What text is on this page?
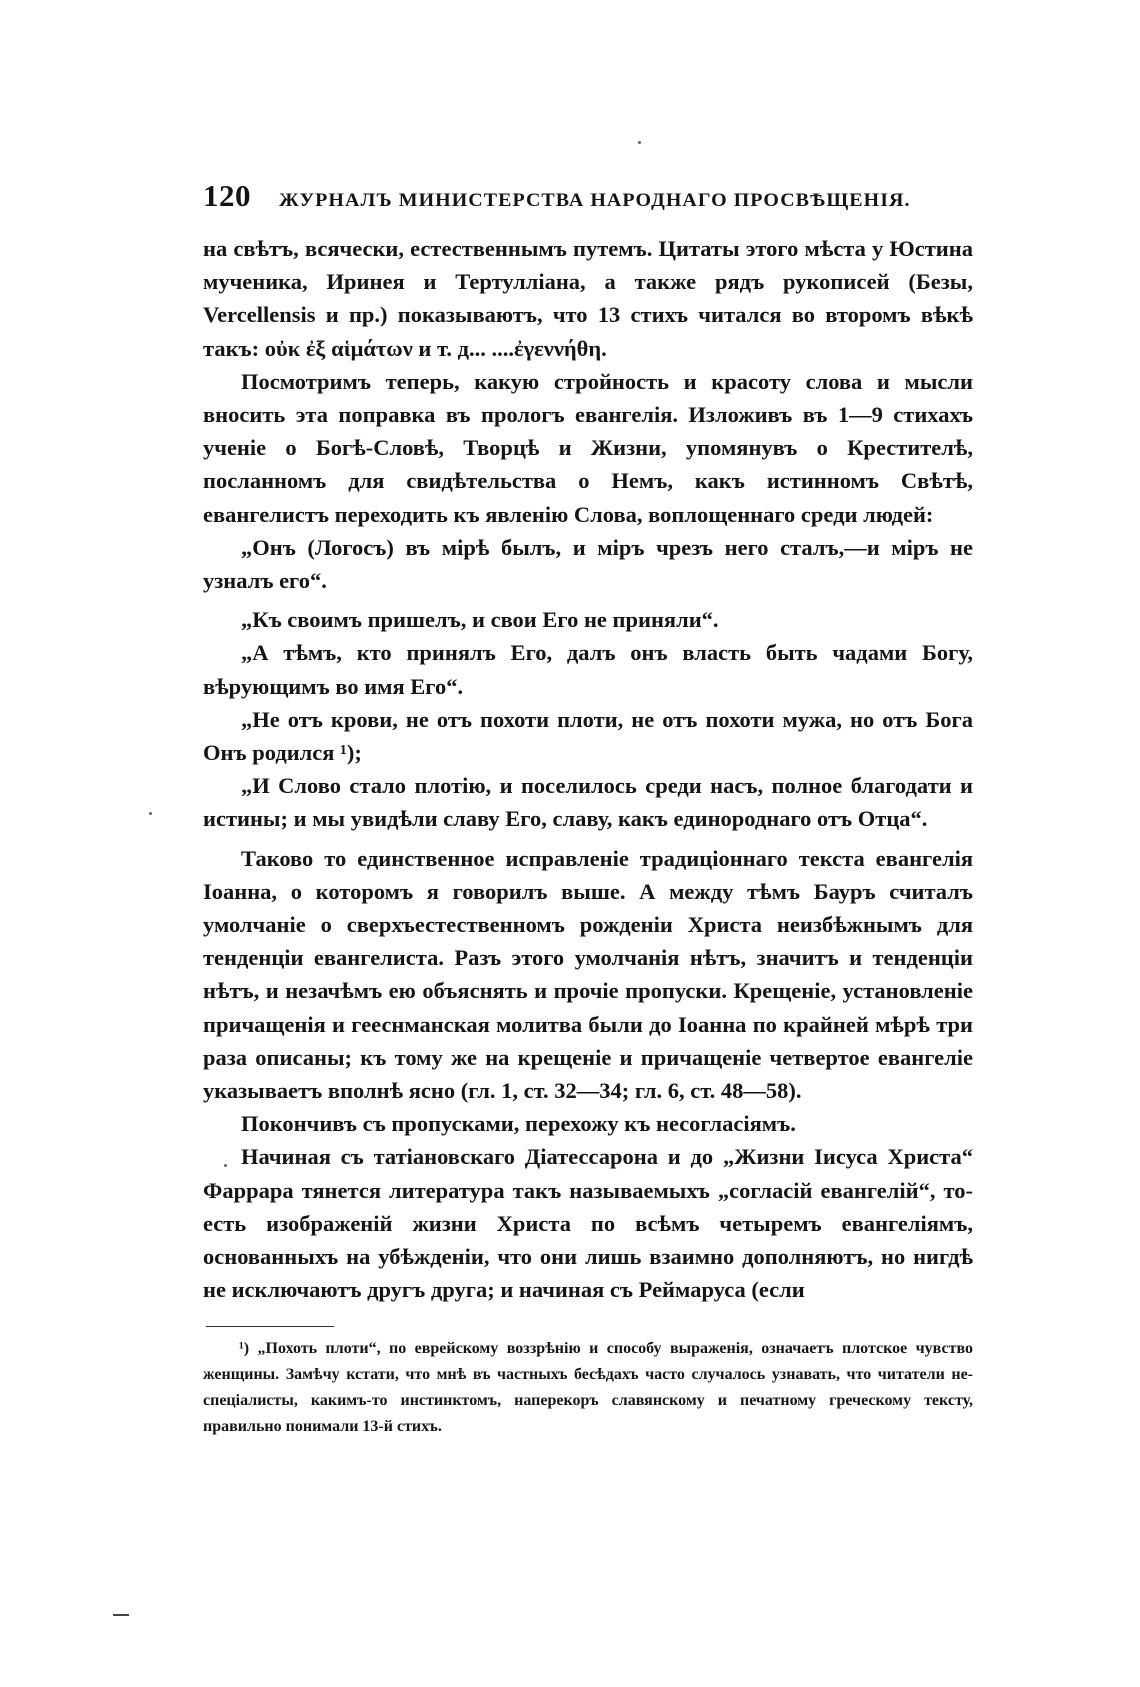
120 ЖУРНАЛЪ МИНИСТЕРСТВА НАРОДНАГО ПРОСВѢЩЕНІЯ.

на свѣтъ, всячески, естественнымъ путемъ. Цитаты этого мѣста у Юстина мученика, Иринея и Тертулліана, а также рядъ рукописей (Безы, Vercellensis и пр.) показываютъ, что 13 стихъ читался во второмъ вѣкѣ такъ: οὐκ ἐξ αἱμάτων и т. д... ....ἐγεννήθη.

Посмотримъ теперь, какую стройность и красоту слова и мысли вносить эта поправка въ прологъ евангелія. Изложивъ въ 1—9 стихахъ ученіе о Богѣ-Словѣ, Творцѣ и Жизни, упомянувъ о Крестителѣ, посланномъ для свидѣтельства о Немъ, какъ истинномъ Свѣтѣ, евангелистъ переходить къ явленію Слова, воплощеннаго среди людей:

„Онъ (Логосъ) въ мірѣ былъ, и міръ чрезъ него сталъ,—и міръ не узналъ его“.

„Къ своимъ пришелъ, и свои Его не приняли“.

„А тѣмъ, кто принялъ Его, далъ онъ власть быть чадами Богу, вѣрующимъ во имя Его“.

„Не отъ крови, не отъ похоти плоти, не отъ похоти мужа, но отъ Бога Онъ родился ¹);

„И Слово стало плотію, и поселилось среди насъ, полное благодати и истины; и мы увидѣли славу Его, славу, какъ единороднаго отъ Отца“.

Таково то единственное исправленіе традиціоннаго текста евангелія Іоанна, о которомъ я говорилъ выше. А между тѣмъ Бауръ считалъ умолчаніе о сверхъестественномъ рожденіи Христа неизбѣжнымъ для тенденціи евангелиста. Разъ этого умолчанія нѣтъ, значитъ и тенденціи нѣтъ, и незачѣмъ ею объяснять и прочіе пропуски. Крещеніе, установленіе причащенія и гееснманская молитва были до Іоанна по крайней мѣрѣ три раза описаны; къ тому же на крещеніе и причащеніе четвертое евангеліе указываетъ вполнѣ ясно (гл. 1, ст. 32—34; гл. 6, ст. 48—58).

Покончивъ съ пропусками, перехожу къ несогласіямъ.

Начиная съ татіановскаго Діатессарона и до „Жизни Іисуса Христа“ Фаррара тянется литература такъ называемыхъ „согласій евангелій“, то-есть изображеній жизни Христа по всѣмъ четыремъ евангеліямъ, основанныхъ на убѣжденіи, что они лишь взаимно дополняютъ, но нигдѣ не исключаютъ другъ друга; и начиная съ Реймаруса (если

¹) „Похоть плоти“, по еврейскому воззрѣнію и способу выраженія, означаетъ плотское чувство женщины. Замѣчу кстати, что мнѣ въ частныхъ бесѣдахъ часто случалось узнавать, что читатели не-спеціалисты, какимъ-то инстинктомъ, наперекоръ славянскому и печатному греческому тексту, правильно понимали 13-й стихъ.
